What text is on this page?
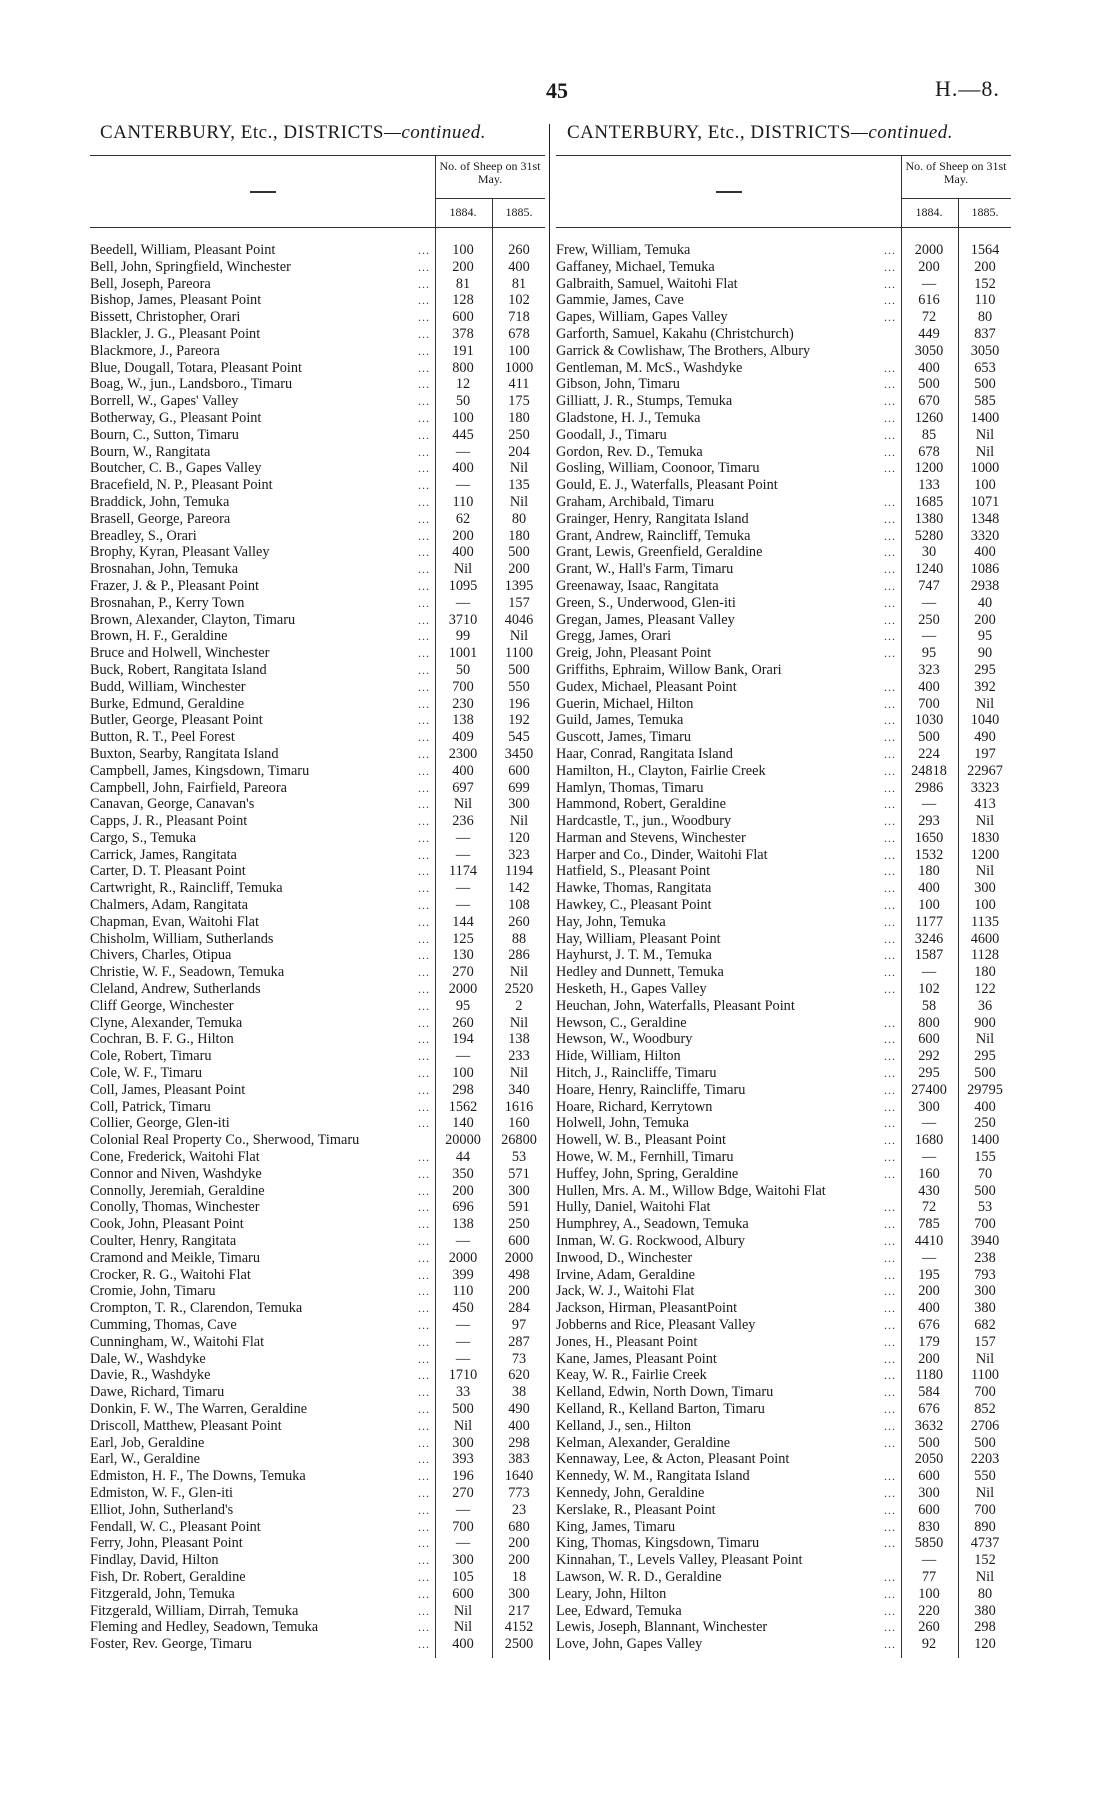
45	H.—8.
CANTERBURY, Etc., DISTRICTS—continued.	CANTERBURY, Etc., DISTRICTS—continued.
No. of Sheep on 31st May.
1884.	1885.
No. of Sheep on 31st May.
1884.	1885.
Beedell, William, Pleasant Point . . .	...	100	260
Bell, John, Springfield, Winchester . . .	...	200	400
Bell, Joseph, Pareora . . .	...	81	81
Bishop, James, Pleasant Point . . .	...	128	102
Bissett, Christopher, Orari . . .	...	600	718
Blackler, J. G., Pleasant Point . . .	...	378	678
Blackmore, J., Pareora . . .	...	191	100
Blue, Dougall, Totara, Pleasant Point . . .	...	800	1000
Boag, W., jun., Landsboro., Timaru . . .	...	12	411
Borrell, W., Gapes' Valley . . .	...	50	175
Botherway, G., Pleasant Point . . .	...	100	180
Bourn, C., Sutton, Timaru . . .	...	445	250
Bourn, W., Rangitata . . .	...	—	204
Boutcher, C. B., Gapes Valley . . .	...	400	Nil
Bracefield, N. P., Pleasant Point . . .	...	—	135
Braddick, John, Temuka . . .	...	110	Nil
Brasell, George, Pareora . . .	...	62	80
Breadley, S., Orari . . .	...	200	180
Brophy, Kyran, Pleasant Valley . . .	...	400	500
Brosnahan, John, Temuka . . .	...	Nil	200
Frazer, J. & P., Pleasant Point . . .	...	1095	1395
Brosnahan, P., Kerry Town . . .	...	—	157
Brown, Alexander, Clayton, Timaru . . .	...	3710	4046
Brown, H. F., Geraldine . . .	...	99	Nil
Bruce and Holwell, Winchester . . .	...	1001	1100
Buck, Robert, Rangitata Island . . .	...	50	500
Budd, William, Winchester . . .	...	700	550
Burke, Edmund, Geraldine . . .	...	230	196
Butler, George, Pleasant Point . . .	...	138	192
Button, R. T., Peel Forest . . .	...	409	545
Buxton, Searby, Rangitata Island . . .	...	2300	3450
Campbell, James, Kingsdown, Timaru . . .	...	400	600
Campbell, John, Fairfield, Pareora . . .	...	697	699
Canavan, George, Canavan's . . .	...	Nil	300
Capps, J. R., Pleasant Point . . .	...	236	Nil
Cargo, S., Temuka . . .	...	—	120
Carrick, James, Rangitata . . .	...	—	323
Carter, D. T. Pleasant Point . . .	...	1174	1194
Cartwright, R., Raincliff, Temuka . . .	...	—	142
Chalmers, Adam, Rangitata . . .	...	—	108
Chapman, Evan, Waitohi Flat . . .	...	144	260
Chisholm, William, Sutherlands . . .	...	125	88
Chivers, Charles, Otipua . . .	...	130	286
Christie, W. F., Seadown, Temuka . . .	...	270	Nil
Cleland, Andrew, Sutherlands . . .	...	2000	2520
Cliff George, Winchester . . .	...	95	2
Clyne, Alexander, Temuka . . .	...	260	Nil
Cochran, B. F. G., Hilton . . .	...	194	138
Cole, Robert, Timaru . . .	...	—	233
Cole, W. F., Timaru . . .	...	100	Nil
Coll, James, Pleasant Point . . .	...	298	340
Coll, Patrick, Timaru . . .	...	1562	1616
Collier, George, Glen-iti . . .	...	140	160
Colonial Real Property Co., Sherwood, Timaru . . .	20000	26800
Cone, Frederick, Waitohi Flat . . .	...	44	53
Connor and Niven, Washdyke . . .	...	350	571
Connolly, Jeremiah, Geraldine . . .	...	200	300
Conolly, Thomas, Winchester . . .	...	696	591
Cook, John, Pleasant Point . . .	...	138	250
Coulter, Henry, Rangitata . . .	...	—	600
Cramond and Meikle, Timaru . . .	...	2000	2000
Crocker, R. G., Waitohi Flat . . .	...	399	498
Cromie, John, Timaru . . .	...	110	200
Crompton, T. R., Clarendon, Temuka . . .	...	450	284
Cumming, Thomas, Cave . . .	...	—	97
Cunningham, W., Waitohi Flat . . .	...	—	287
Dale, W., Washdyke . . .	...	—	73
Davie, R., Washdyke . . .	...	1710	620
Dawe, Richard, Timaru . . .	...	33	38
Donkin, F. W., The Warren, Geraldine . . .	...	500	490
Driscoll, Matthew, Pleasant Point . . .	...	Nil	400
Earl, Job, Geraldine . . .	...	300	298
Earl, W., Geraldine . . .	...	393	383
Edmiston, H. F., The Downs, Temuka . . .	...	196	1640
Edmiston, W. F., Glen-iti . . .	...	270	773
Elliot, John, Sutherland's . . .	...	—	23
Fendall, W. C., Pleasant Point . . .	...	700	680
Ferry, John, Pleasant Point . . .	...	—	200
Findlay, David, Hilton . . .	...	300	200
Fish, Dr. Robert, Geraldine . . .	...	105	18
Fitzgerald, John, Temuka . . .	...	600	300
Fitzgerald, William, Dirrah, Temuka . . .	...	Nil	217
Fleming and Hedley, Seadown, Temuka . . .	...	Nil	4152
Foster, Rev. George, Timaru . . .	...	400	2500
Frew, William, Temuka . . .	...	2000	1564
Gaffaney, Michael, Temuka . . .	...	200	200
Galbraith, Samuel, Waitohi Flat . . .	...	—	152
Gammie, James, Cave . . .	...	616	110
Gapes, William, Gapes Valley . . .	...	72	80
Garforth, Samuel, Kakahu (Christchurch) . . .	449	837
Garrick & Cowlishaw, The Brothers, Albury . . .	3050	3050
Gentleman, M. McS., Washdyke . . .	...	400	653
Gibson, John, Timaru . . .	...	500	500
Gilliatt, J. R., Stumps, Temuka . . .	...	670	585
Gladstone, H. J., Temuka . . .	...	1260	1400
Goodall, J., Timaru . . .	...	85	Nil
Gordon, Rev. D., Temuka . . .	...	678	Nil
Gosling, William, Coonoor, Timaru . . .	...	1200	1000
Gould, E. J., Waterfalls, Pleasant Point . . .	133	100
Graham, Archibald, Timaru . . .	...	1685	1071
Grainger, Henry, Rangitata Island . . .	...	1380	1348
Grant, Andrew, Raincliff, Temuka . . .	...	5280	3320
Grant, Lewis, Greenfield, Geraldine . . .	...	30	400
Grant, W., Hall's Farm, Timaru . . .	...	1240	1086
Greenaway, Isaac, Rangitata . . .	...	747	2938
Green, S., Underwood, Glen-iti . . .	...	—	40
Gregan, James, Pleasant Valley . . .	...	250	200
Gregg, James, Orari . . .	...	—	95
Greig, John, Pleasant Point . . .	...	95	90
Griffiths, Ephraim, Willow Bank, Orari . . .	323	295
Gudex, Michael, Pleasant Point . . .	...	400	392
Guerin, Michael, Hilton . . .	...	700	Nil
Guild, James, Temuka . . .	...	1030	1040
Guscott, James, Timaru . . .	...	500	490
Haar, Conrad, Rangitata Island . . .	...	224	197
Hamilton, H., Clayton, Fairlie Creek . . .	...	24818	22967
Hamlyn, Thomas, Timaru . . .	...	2986	3323
Hammond, Robert, Geraldine . . .	...	—	413
Hardcastle, T., jun., Woodbury . . .	...	293	Nil
Harman and Stevens, Winchester . . .	...	1650	1830
Harper and Co., Dinder, Waitohi Flat . . .	...	1532	1200
Hatfield, S., Pleasant Point . . .	...	180	Nil
Hawke, Thomas, Rangitata . . .	...	400	300
Hawkey, C., Pleasant Point . . .	...	100	100
Hay, John, Temuka . . .	...	1177	1135
Hay, William, Pleasant Point . . .	...	3246	4600
Hayhurst, J. T. M., Temuka . . .	...	1587	1128
Hedley and Dunnett, Temuka . . .	...	—	180
Hesketh, H., Gapes Valley . . .	...	102	122
Heuchan, John, Waterfalls, Pleasant Point . . .	58	36
Hewson, C., Geraldine . . .	...	800	900
Hewson, W., Woodbury . . .	...	600	Nil
Hide, William, Hilton . . .	...	292	295
Hitch, J., Raincliffe, Timaru . . .	...	295	500
Hoare, Henry, Raincliffe, Timaru . . .	...	27400	29795
Hoare, Richard, Kerrytown . . .	...	300	400
Holwell, John, Temuka . . .	...	—	250
Howell, W. B., Pleasant Point . . .	...	1680	1400
Howe, W. M., Fernhill, Timaru . . .	...	—	155
Huffey, John, Spring, Geraldine . . .	...	160	70
Hullen, Mrs. A. M., Willow Bdge, Waitohi Flat . . .	430	500
Hully, Daniel, Waitohi Flat . . .	...	72	53
Humphrey, A., Seadown, Temuka . . .	...	785	700
Inman, W. G. Rockwood, Albury . . .	...	4410	3940
Inwood, D., Winchester . . .	...	—	238
Irvine, Adam, Geraldine . . .	...	195	793
Jack, W. J., Waitohi Flat . . .	...	200	300
Jackson, Hirman, PleasantPoint . . .	...	400	380
Jobberns and Rice, Pleasant Valley . . .	...	676	682
Jones, H., Pleasant Point . . .	...	179	157
Kane, James, Pleasant Point . . .	...	200	Nil
Keay, W. R., Fairlie Creek . . .	...	1180	1100
Kelland, Edwin, North Down, Timaru . . .	...	584	700
Kelland, R., Kelland Barton, Timaru . . .	...	676	852
Kelland, J., sen., Hilton . . .	...	3632	2706
Kelman, Alexander, Geraldine . . .	...	500	500
Kennaway, Lee, & Acton, Pleasant Point . . .	2050	2203
Kennedy, W. M., Rangitata Island . . .	...	600	550
Kennedy, John, Geraldine . . .	...	300	Nil
Kerslake, R., Pleasant Point . . .	...	600	700
King, James, Timaru . . .	...	830	890
King, Thomas, Kingsdown, Timaru . . .	...	5850	4737
Kinnahan, T., Levels Valley, Pleasant Point . . .	—	152
Lawson, W. R. D., Geraldine . . .	...	77	Nil
Leary, John, Hilton . . .	...	100	80
Lee, Edward, Temuka . . .	...	220	380
Lewis, Joseph, Blannant, Winchester . . .	...	260	298
Love, John, Gapes Valley . . .	...	92	120
